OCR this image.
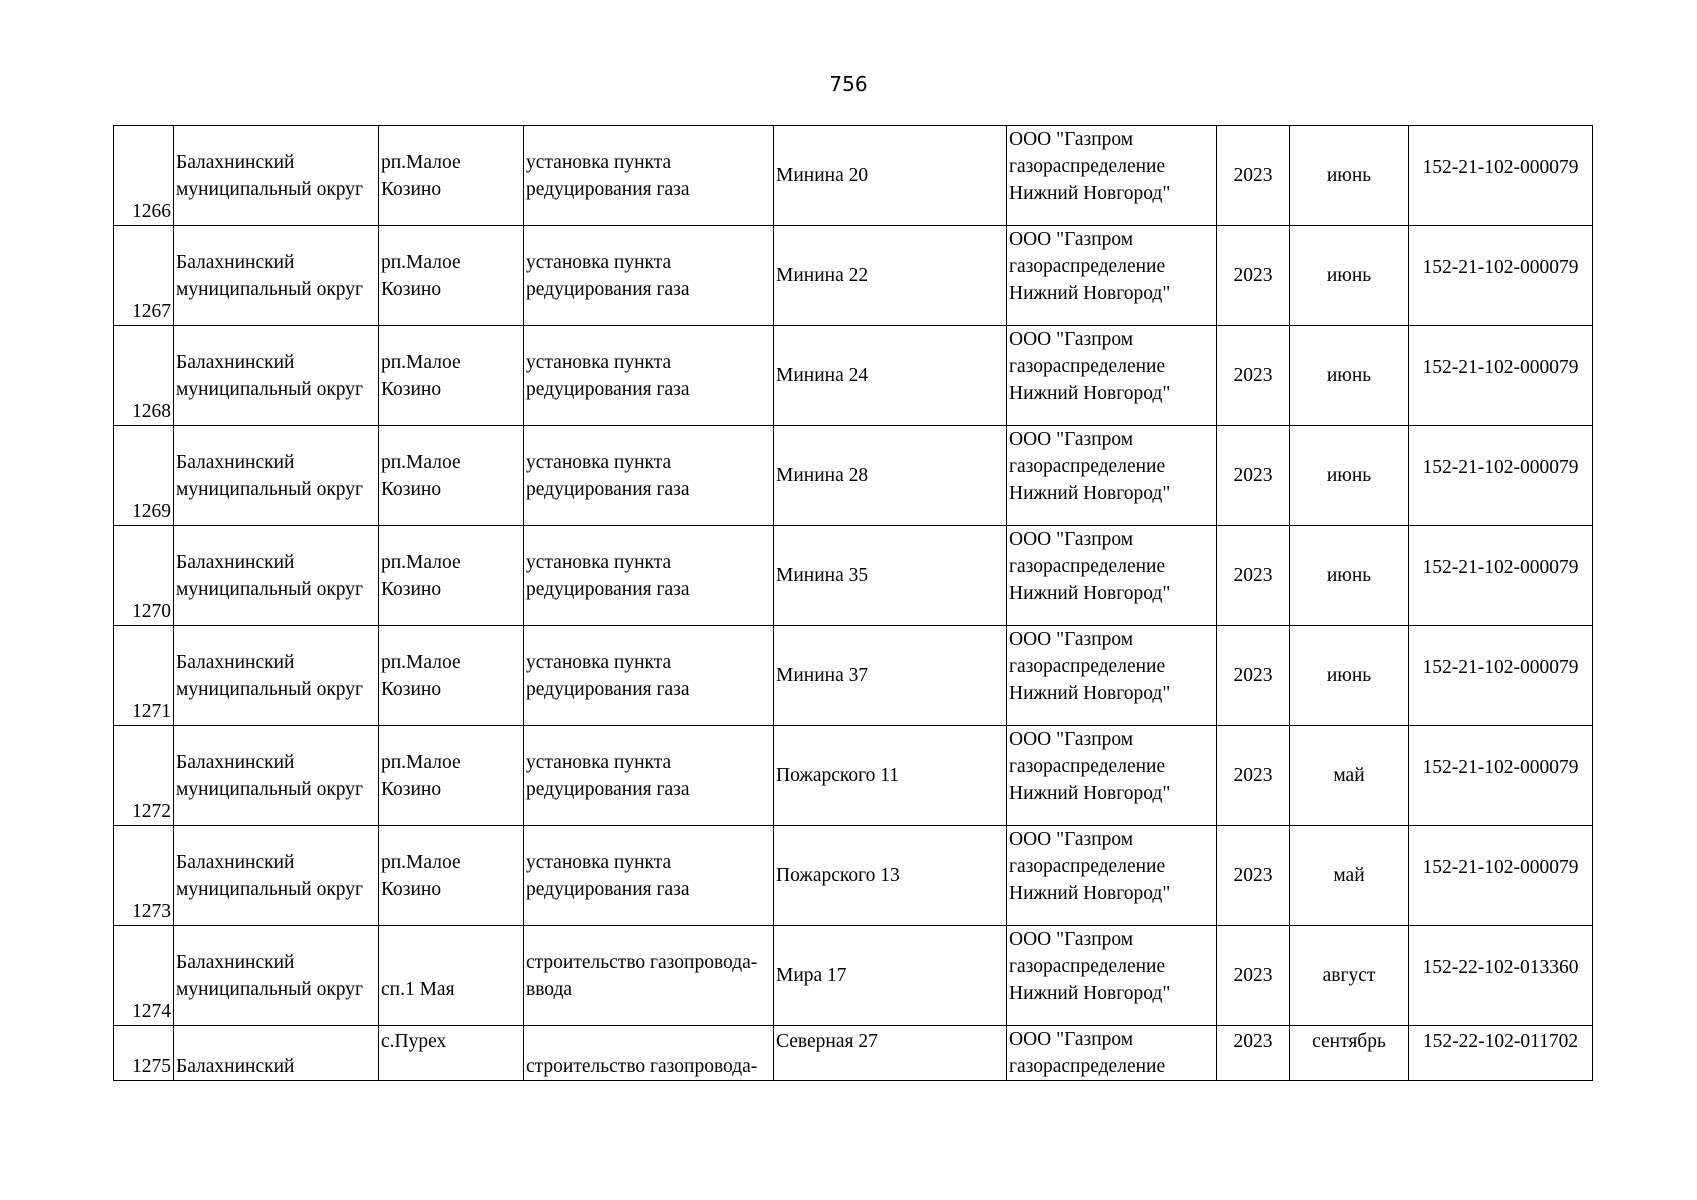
756
1266	Балахнинский
муниципальный округ	рп.Малое
Козино	установка пункта
редуцирования газа	Минина 20	ООО "Газпром
газораспределение
Нижний Новгород"	2023	июнь	152-21-102-000079
1267	Балахнинский
муниципальный округ	рп.Малое
Козино	установка пункта
редуцирования газа	Минина 22	ООО "Газпром
газораспределение
Нижний Новгород"	2023	июнь	152-21-102-000079
1268	Балахнинский
муниципальный округ	рп.Малое
Козино	установка пункта
редуцирования газа	Минина 24	ООО "Газпром
газораспределение
Нижний Новгород"	2023	июнь	152-21-102-000079
1269	Балахнинский
муниципальный округ	рп.Малое
Козино	установка пункта
редуцирования газа	Минина 28	ООО "Газпром
газораспределение
Нижний Новгород"	2023	июнь	152-21-102-000079
1270	Балахнинский
муниципальный округ	рп.Малое
Козино	установка пункта
редуцирования газа	Минина 35	ООО "Газпром
газораспределение
Нижний Новгород"	2023	июнь	152-21-102-000079
1271	Балахнинский
муниципальный округ	рп.Малое
Козино	установка пункта
редуцирования газа	Минина 37	ООО "Газпром
газораспределение
Нижний Новгород"	2023	июнь	152-21-102-000079
1272	Балахнинский
муниципальный округ	рп.Малое
Козино	установка пункта
редуцирования газа	Пожарского 11	ООО "Газпром
газораспределение
Нижний Новгород"	2023	май	152-21-102-000079
1273	Балахнинский
муниципальный округ	рп.Малое
Козино	установка пункта
редуцирования газа	Пожарского 13	ООО "Газпром
газораспределение
Нижний Новгород"	2023	май	152-21-102-000079
1274	Балахнинский
муниципальный округ	сп.1 Мая	строительство газопровода-
ввода	Мира 17	ООО "Газпром
газораспределение
Нижний Новгород"	2023	август	152-22-102-013360
1275	Балахнинский	с.Пурех	строительство газопровода-	Северная 27	ООО "Газпром
газораспределение	2023	сентябрь	152-22-102-011702
